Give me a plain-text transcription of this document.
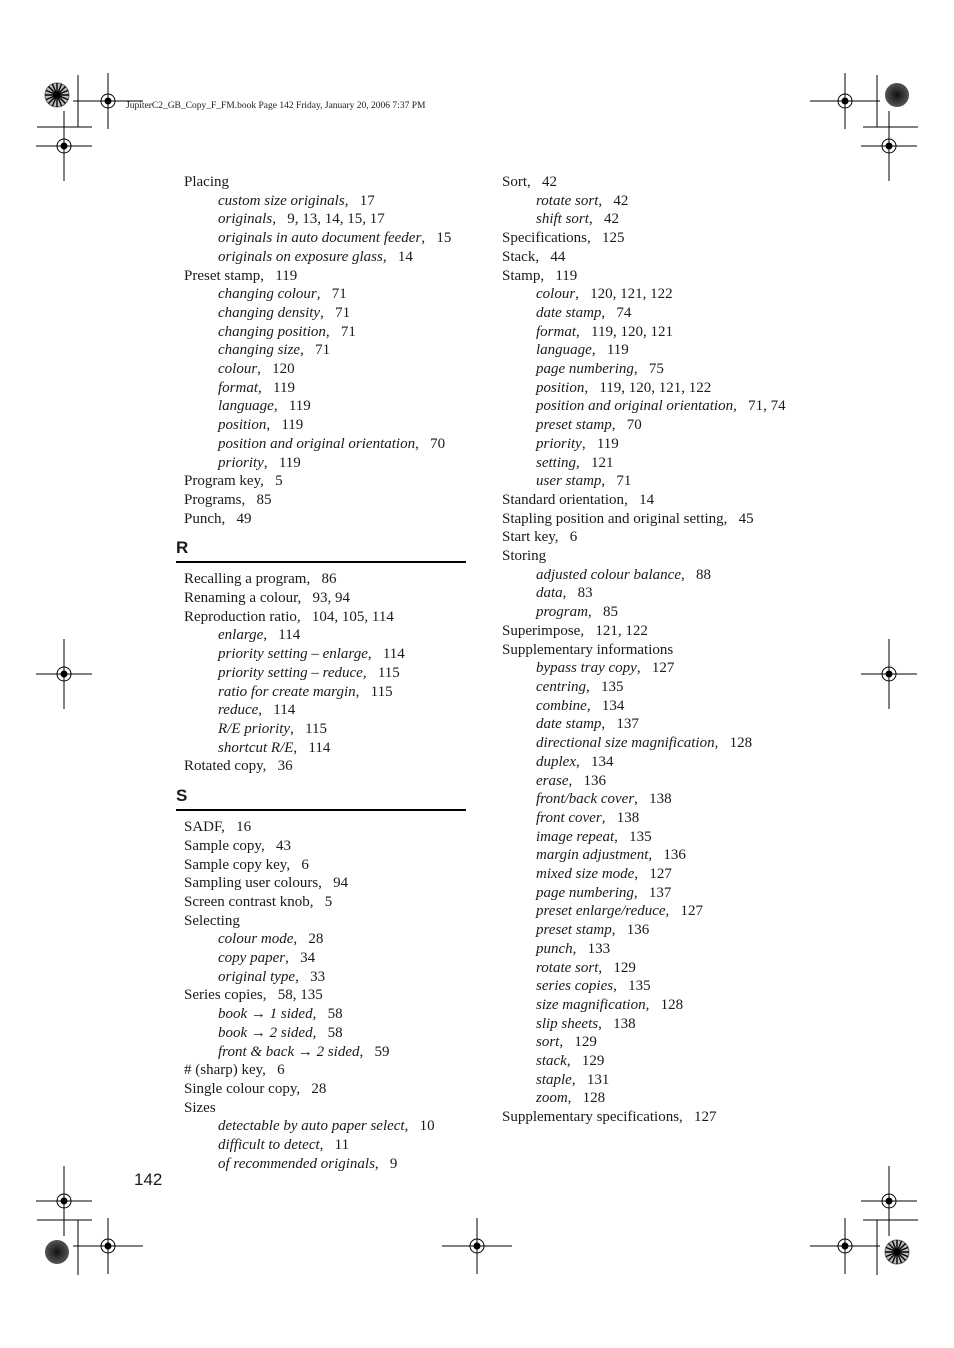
JupiterC2_GB_Copy_F_FM.book Page 142 Friday, January 20, 2006 7:37 PM
Placing
custom size originals ,   17
originals ,   9, 13, 14, 15, 17
originals in auto document feeder ,   15
originals on exposure glass ,   14
Preset stamp ,   119
changing colour ,   71
changing density ,   71
changing position ,   71
changing size ,   71
colour ,   120
format ,   119
language ,   119
position ,   119
position and original orientation ,   70
priority ,   119
Program key ,   5
Programs ,   85
Punch ,   49
R
Recalling a program ,   86
Renaming a colour ,   93, 94
Reproduction ratio ,   104, 105, 114
enlarge ,   114
priority setting – enlarge ,   114
priority setting – reduce ,   115
ratio for create margin ,   115
reduce ,   114
R/E priority ,   115
shortcut R/E ,   114
Rotated copy ,   36
S
SADF ,   16
Sample copy ,   43
Sample copy key ,   6
Sampling user colours ,   94
Screen contrast knob ,   5
Selecting
colour mode ,   28
copy paper ,   34
original type ,   33
Series copies ,   58, 135
book → 1 sided ,   58
book → 2 sided ,   58
front & back → 2 sided ,   59
# (sharp) key ,   6
Single colour copy ,   28
Sizes
detectable by auto paper select ,   10
difficult to detect ,   11
of recommended originals ,   9
Sort ,   42
rotate sort ,   42
shift sort ,   42
Specifications ,   125
Stack ,   44
Stamp ,   119
colour ,   120, 121, 122
date stamp ,   74
format ,   119, 120, 121
language ,   119
page numbering ,   75
position ,   119, 120, 121, 122
position and original orientation ,   71, 74
preset stamp ,   70
priority ,   119
setting ,   121
user stamp ,   71
Standard orientation ,   14
Stapling position and original setting ,   45
Start key ,   6
Storing
adjusted colour balance ,   88
data ,   83
program ,   85
Superimpose ,   121, 122
Supplementary informations
bypass tray copy ,   127
centring ,   135
combine ,   134
date stamp ,   137
directional size magnification ,   128
duplex ,   134
erase ,   136
front/back cover ,   138
front cover ,   138
image repeat ,   135
margin adjustment ,   136
mixed size mode ,   127
page numbering ,   137
preset enlarge/reduce ,   127
preset stamp ,   136
punch ,   133
rotate sort ,   129
series copies ,   135
size magnification ,   128
slip sheets ,   138
sort ,   129
stack ,   129
staple ,   131
zoom ,   128
Supplementary specifications ,   127
142
